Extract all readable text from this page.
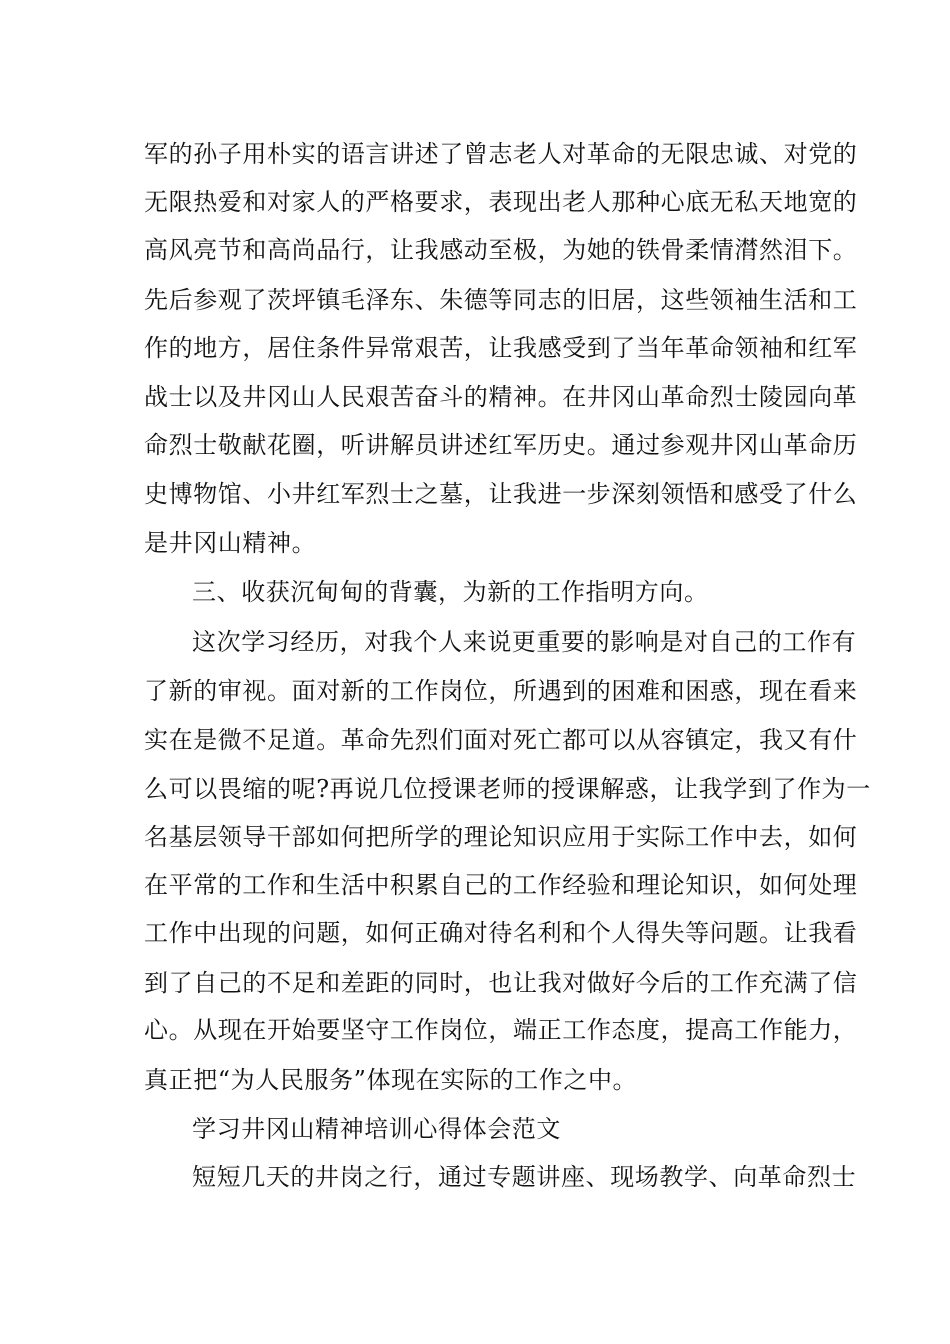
军的孙子用朴实的语言讲述了曾志老人对革命的无限忠诚、对党的
无限热爱和对家人的严格要求，表现出老人那种心底无私天地宽的
高风亮节和高尚品行，让我感动至极，为她的铁骨柔情潸然泪下。
先后参观了茨坪镇毛泽东、朱德等同志的旧居，这些领袖生活和工
作的地方，居住条件异常艰苦，让我感受到了当年革命领袖和红军
战士以及井冈山人民艰苦奋斗的精神。在井冈山革命烈士陵园向革
命烈士敬献花圈，听讲解员讲述红军历史。通过参观井冈山革命历
史博物馆、小井红军烈士之墓，让我进一步深刻领悟和感受了什么
是井冈山精神。
三、收获沉甸甸的背囊，为新的工作指明方向。
这次学习经历，对我个人来说更重要的影响是对自己的工作有
了新的审视。面对新的工作岗位，所遇到的困难和困惑，现在看来
实在是微不足道。革命先烈们面对死亡都可以从容镇定，我又有什
么可以畏缩的呢?再说几位授课老师的授课解惑，让我学到了作为一
名基层领导干部如何把所学的理论知识应用于实际工作中去，如何
在平常的工作和生活中积累自己的工作经验和理论知识，如何处理
工作中出现的问题，如何正确对待名利和个人得失等问题。让我看
到了自己的不足和差距的同时，也让我对做好今后的工作充满了信
心。从现在开始要坚守工作岗位，端正工作态度，提高工作能力，
真正把“为人民服务”体现在实际的工作之中。
学习井冈山精神培训心得体会范文
短短几天的井岗之行，通过专题讲座、现场教学、向革命烈士
